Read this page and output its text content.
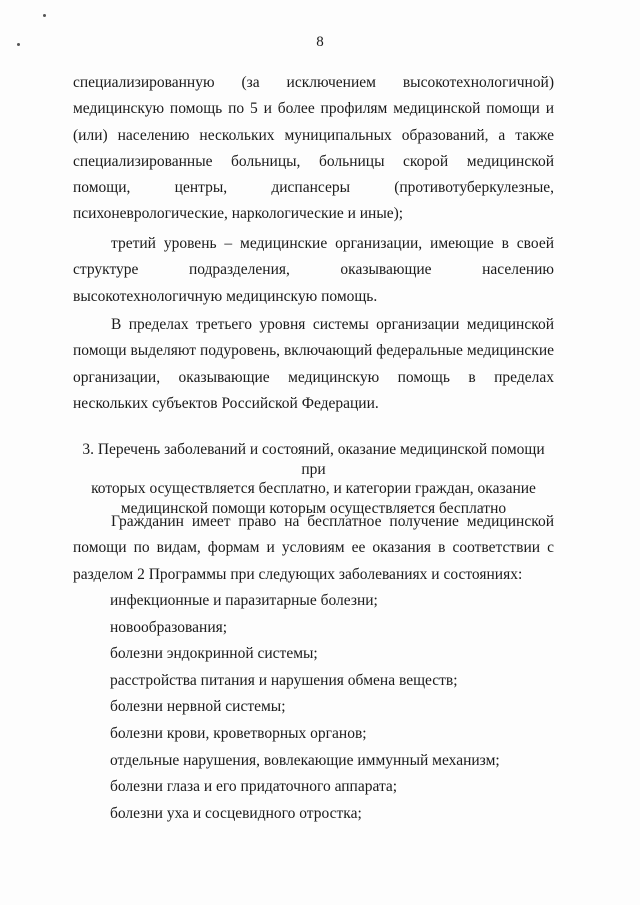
8

специализированную (за исключением высокотехнологичной) медицинскую помощь по 5 и более профилям медицинской помощи и (или) населению нескольких муниципальных образований, а также специализированные больницы, больницы скорой медицинской помощи, центры, диспансеры (противотуберкулезные, психоневрологические, наркологические и иные);

третий уровень – медицинские организации, имеющие в своей структуре подразделения, оказывающие населению высокотехнологичную медицинскую помощь.

В пределах третьего уровня системы организации медицинской помощи выделяют подуровень, включающий федеральные медицинские организации, оказывающие медицинскую помощь в пределах нескольких субъектов Российской Федерации.

3. Перечень заболеваний и состояний, оказание медицинской помощи при
которых осуществляется бесплатно, и категории граждан, оказание
медицинской помощи которым осуществляется бесплатно

Гражданин имеет право на бесплатное получение медицинской помощи по видам, формам и условиям ее оказания в соответствии с разделом 2 Программы при следующих заболеваниях и состояниях:

инфекционные и паразитарные болезни;
новообразования;
болезни эндокринной системы;
расстройства питания и нарушения обмена веществ;
болезни нервной системы;
болезни крови, кроветворных органов;
отдельные нарушения, вовлекающие иммунный механизм;
болезни глаза и его придаточного аппарата;
болезни уха и сосцевидного отростка;
